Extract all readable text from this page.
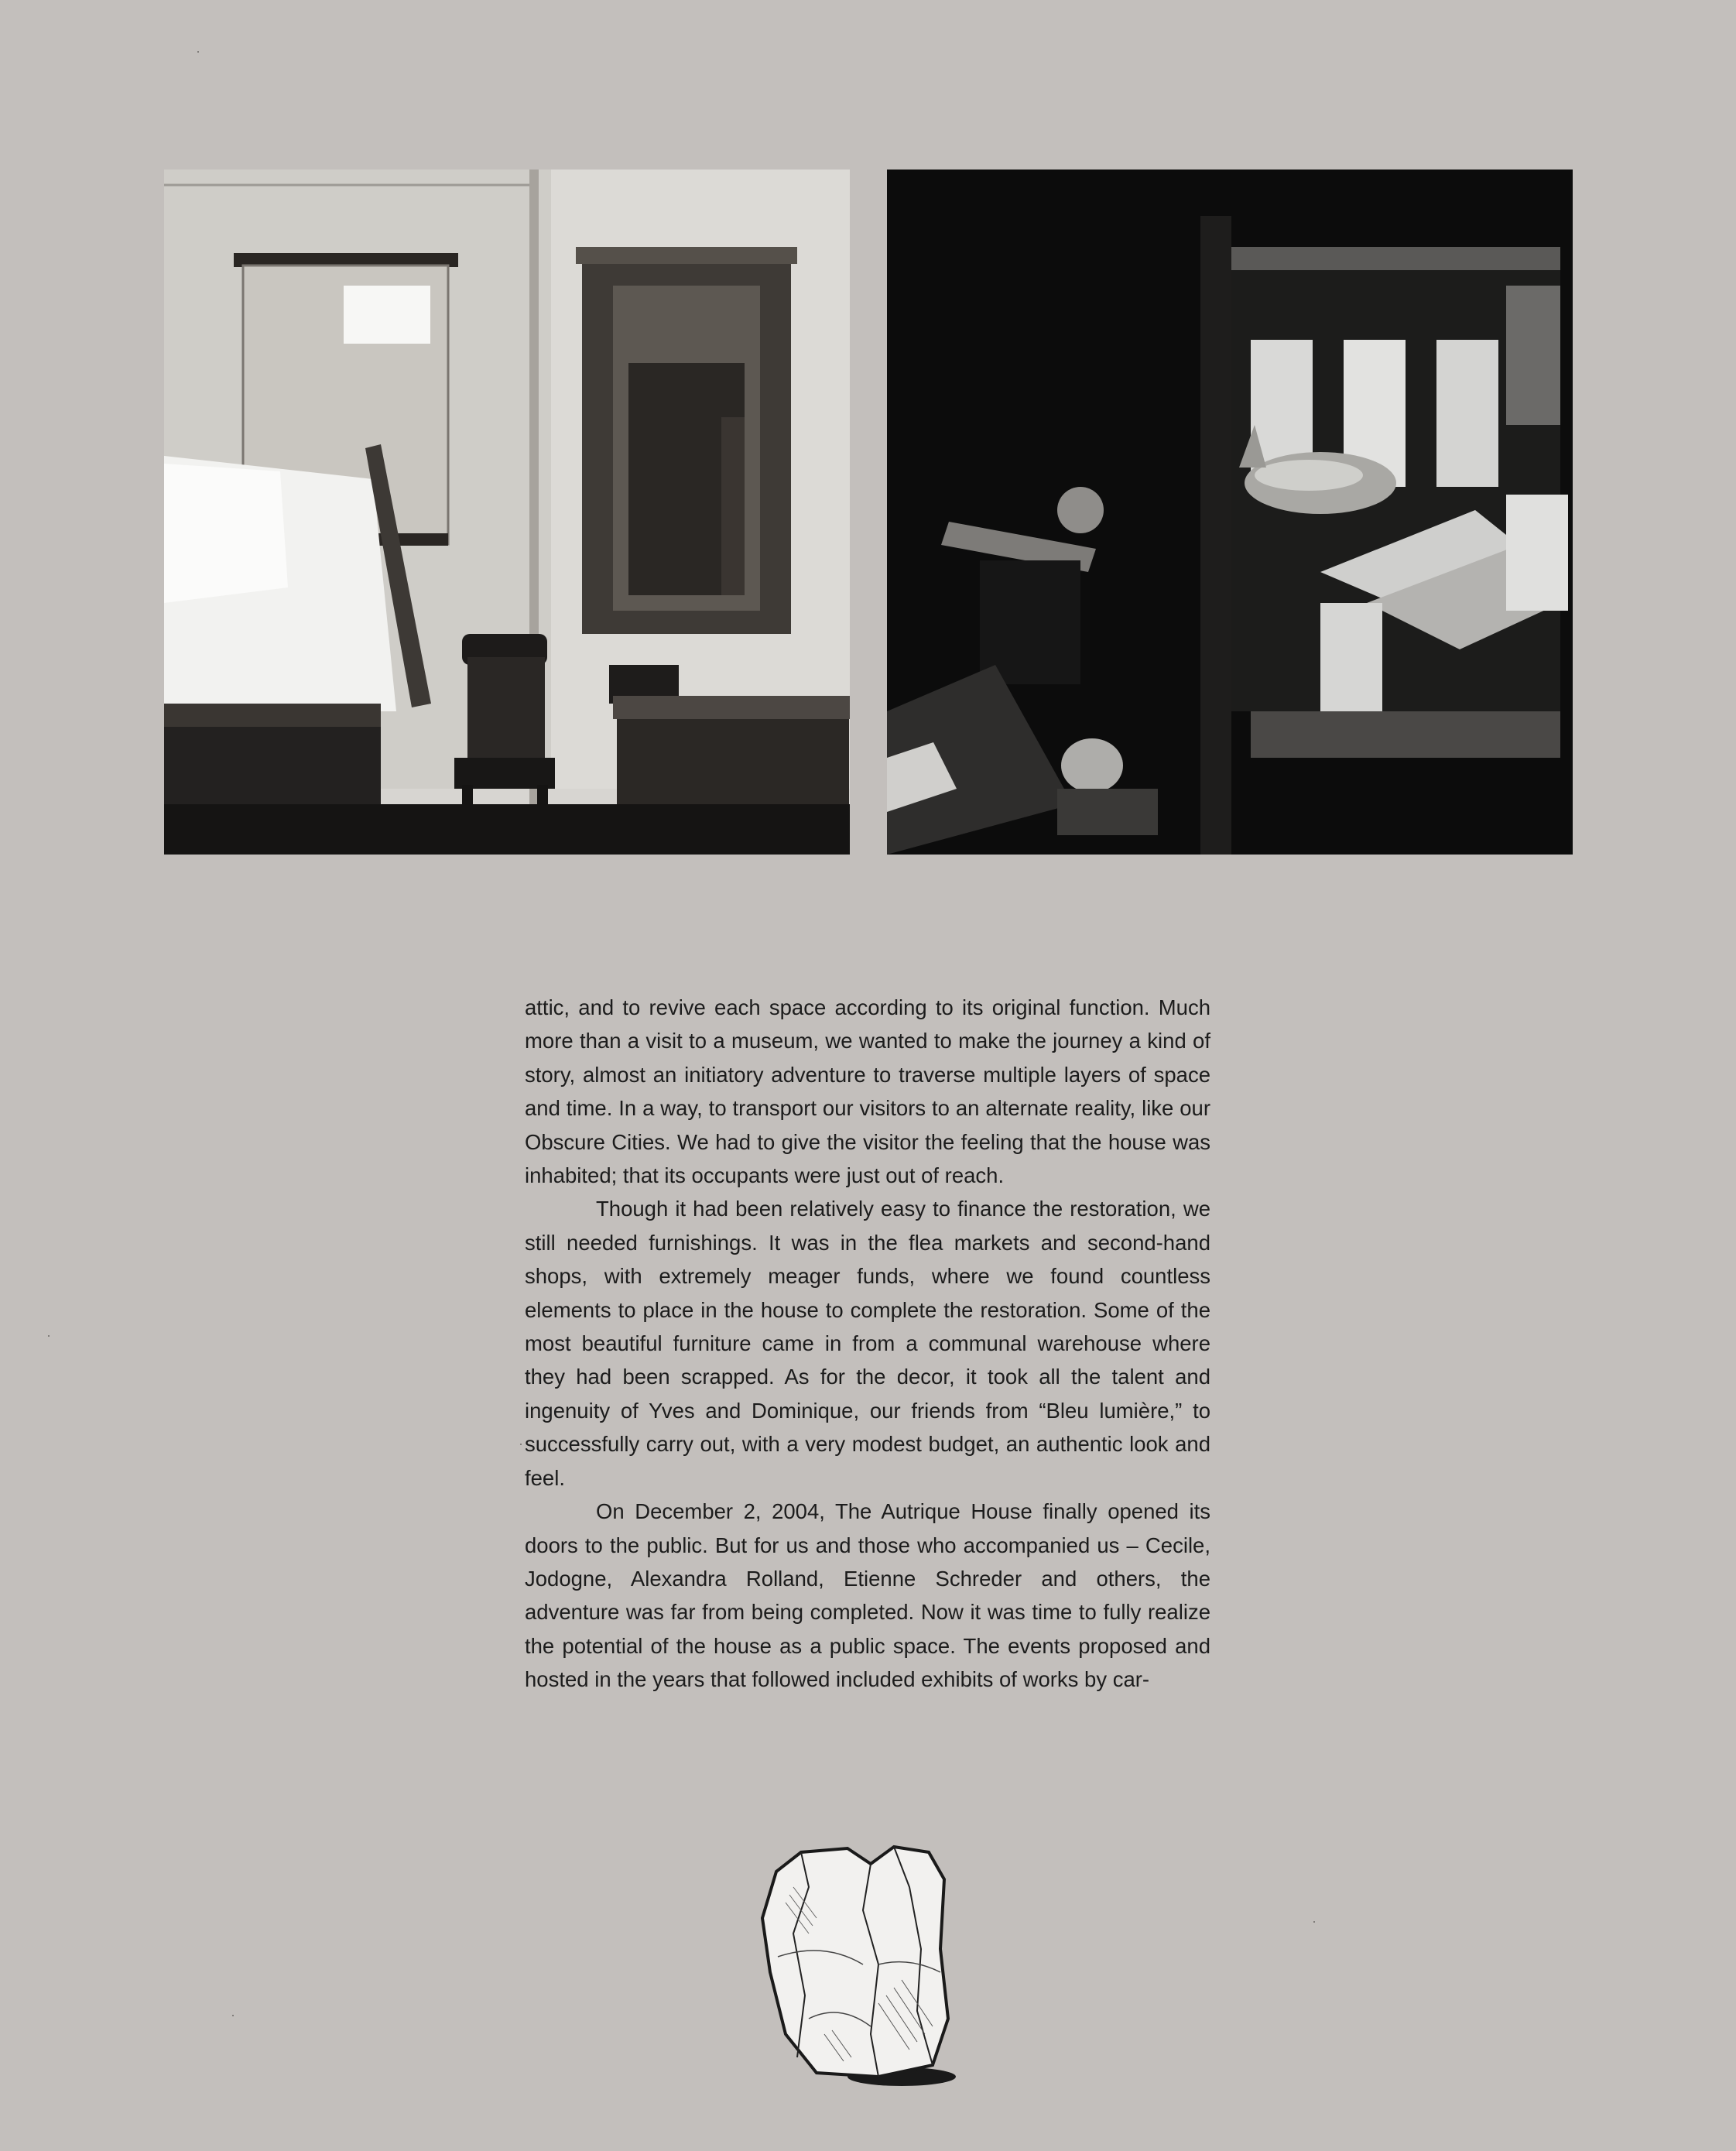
attic, and to revive each space according to its original function. Much more than a visit to a museum, we wanted to make the journey a kind of story, almost an initiatory adventure to traverse multiple layers of space and time. In a way, to transport our visitors to an alternate reality, like our Obscure Cities. We had to give the visitor the feeling that the house was inhabited; that its occupants were just out of reach.

Though it had been relatively easy to finance the restoration, we still needed furnishings. It was in the flea markets and second-hand shops, with extremely meager funds, where we found countless elements to place in the house to complete the restoration. Some of the most beautiful furniture came in from a communal warehouse where they had been scrapped. As for the decor, it took all the talent and ingenuity of Yves and Dominique, our friends from “Bleu lumière,” to successfully carry out, with a very modest budget, an authentic look and feel.

On December 2, 2004, The Autrique House finally opened its doors to the public. But for us and those who accompanied us – Cecile, Jodogne, Alexandra Rolland, Etienne Schreder and others, the adventure was far from being completed. Now it was time to fully realize the potential of the house as a public space. The events proposed and hosted in the years that followed included exhibits of works by car-
